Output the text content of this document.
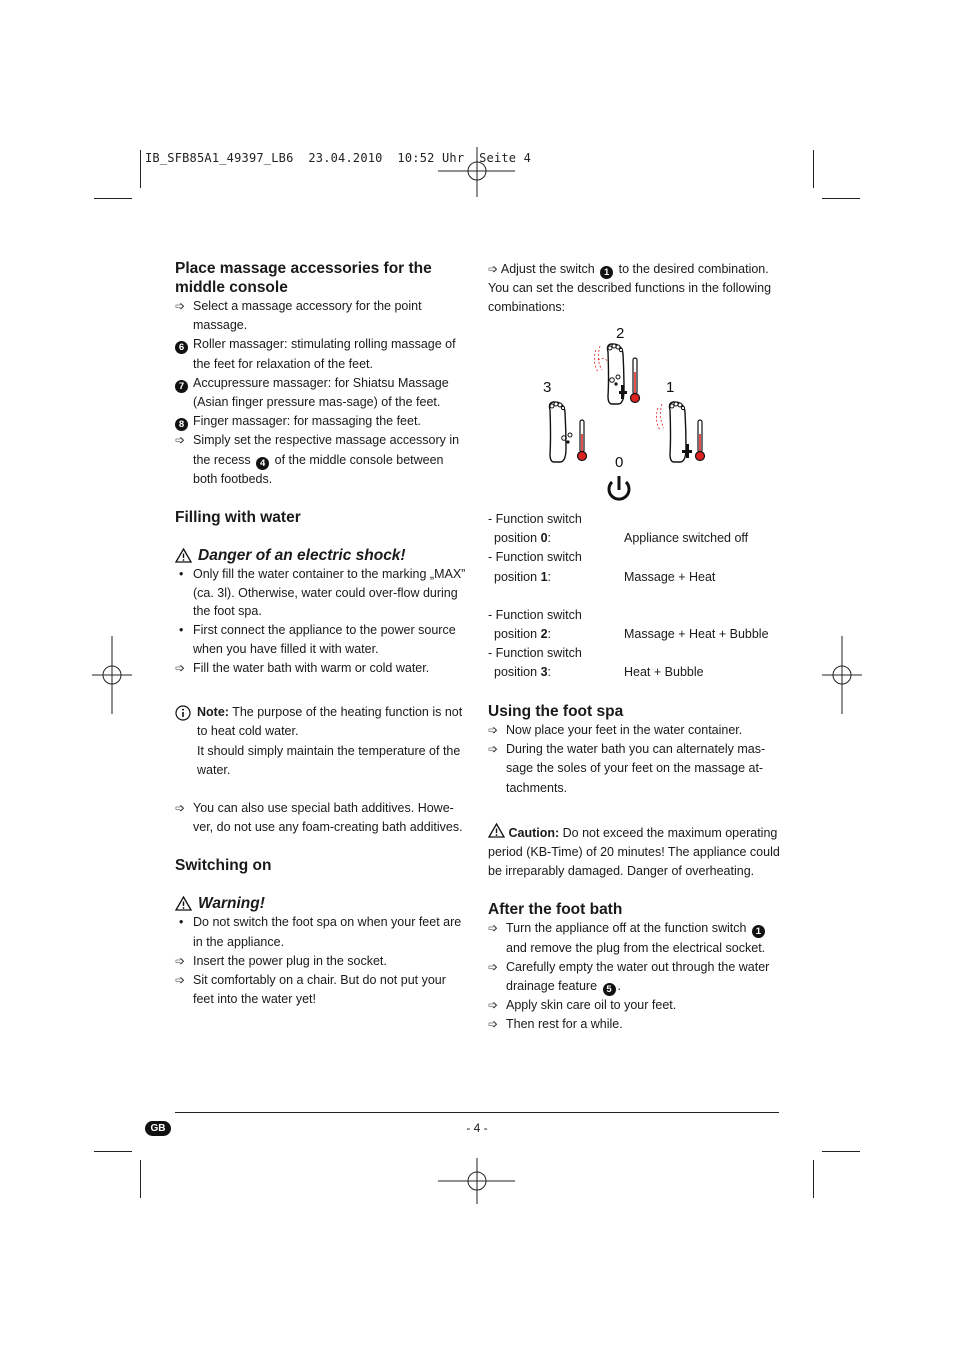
IB_SFB85A1_49397_LB6  23.04.2010  10:52 Uhr  Seite 4
Place massage accessories for the middle console
➩ Select a massage accessory for the point massage.
6 Roller massager: stimulating rolling massage of the feet for relaxation of the feet.
7 Accupressure massager: for Shiatsu Massage (Asian finger pressure mas-sage) of the feet.
8 Finger massager: for massaging the feet.
➩ Simply set the respective massage accessory in the recess 4 of the middle console between both footbeds.
Filling with water
Danger of an electric shock!
• Only fill the water container to the marking „MAX” (ca. 3l). Otherwise, water could over-flow during the foot spa.
• First connect the appliance to the power source when you have filled it with water.
➩ Fill the water bath with warm or cold water.
Note: The purpose of the heating function is not to heat cold water.
It should simply maintain the temperature of the water.
➩ You can also use special bath additives. Howe-ver, do not use any foam-creating bath additives.
Switching on
Warning!
• Do not switch the foot spa on when your feet are in the appliance.
➩ Insert the power plug in the socket.
➩ Sit comfortably on a chair. But do not put your feet into the water yet!
➩ Adjust the switch 1 to the desired combination. You can set the described functions in the following combinations:
2
3	1
0
- Function switch
position 0:	Appliance switched off
- Function switch
position 1:	Massage + Heat
- Function switch
position 2:	Massage + Heat + Bubble
- Function switch
position 3:	Heat + Bubble
Using the foot spa
➩ Now place your feet in the water container.
➩ During the water bath you can alternately mas-sage the soles of your feet on the massage at-tachments.
Caution: Do not exceed the maximum operating period (KB-Time) of 20 minutes! The appliance could be irreparably damaged. Danger of overheating.
After the foot bath
➩ Turn the appliance off at the function switch 1 and remove the plug from the electrical socket.
➩ Carefully empty the water out through the water drainage feature 5 .
➩ Apply skin care oil to your feet.
➩ Then rest for a while.
GB	- 4 -
